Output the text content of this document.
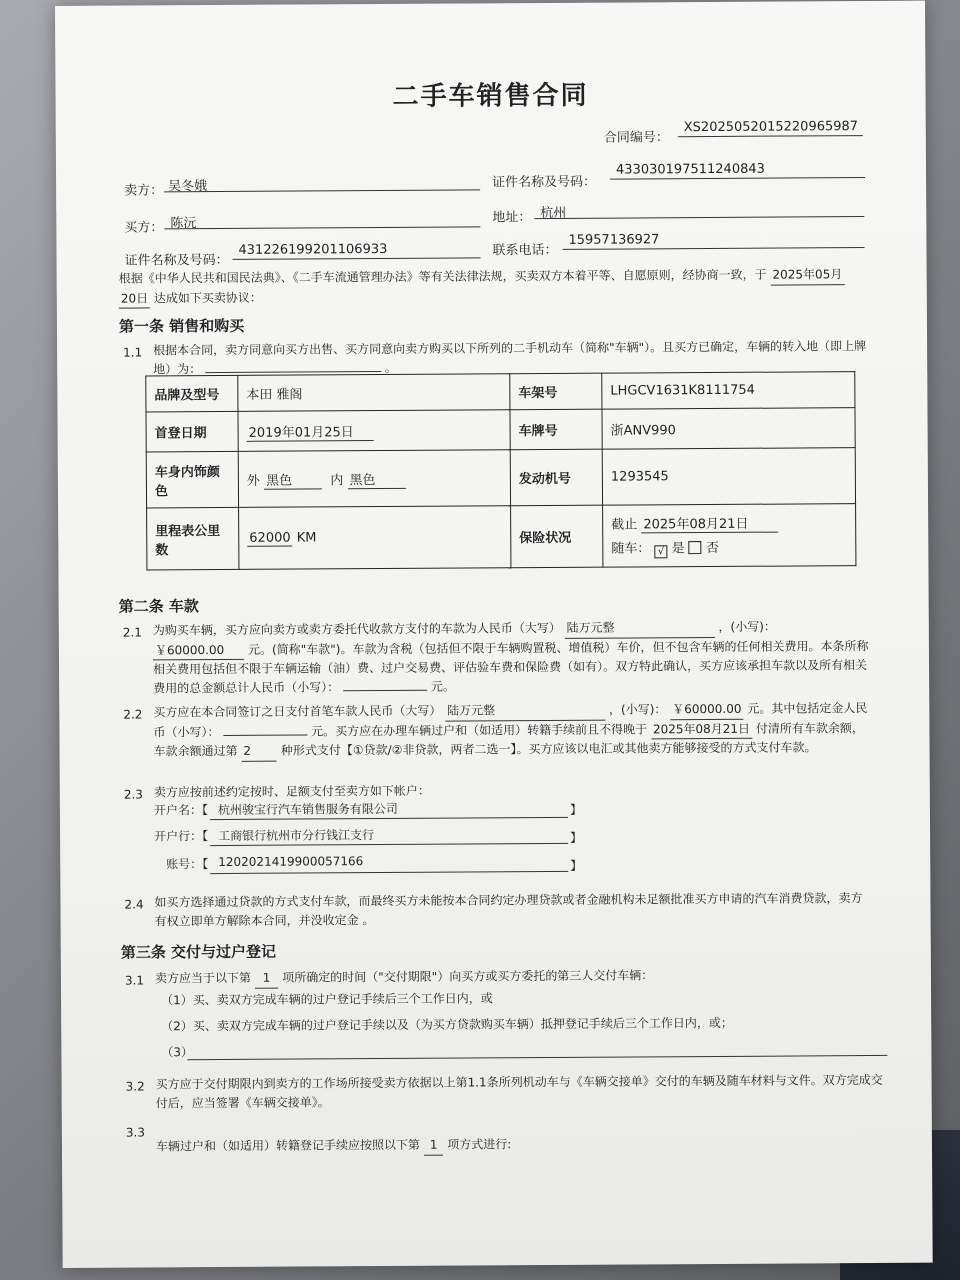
二手车销售合同
合同编号：
XS2025052015220965987
卖方： 吴冬娥	证件名称及号码：
433030197511240843
买方： 陈沅	地址： 杭州
证件名称及号码：
431226199201106933	联系电话：
15957136927
根据《中华人民共和国民法典》、《二手车流通管理办法》等有关法律法规，买卖双方本着平等、自愿原则，经协商一致，于 2025年05月 20日 达成如下买卖协议：
第一条 销售和购买
1.1 根据本合同，卖方同意向买方出售、买方同意向卖方购买以下所列的二手机动车（简称"车辆"）。且买方已确定，车辆的转入地（即上牌地）为：	。
品牌及型号	本田 雅阁	车架号	LHGCV1631K8111754
首登日期	2019年01月25日	车牌号	浙ANV990
车身内饰颜色	外 黑色 内 黑色	发动机号	1293545
里程表公里数	62000 KM	保险状况	截止 2025年08月21日
随车： √ 是 否
第二条 车款
2.1 为购买车辆，买方应向卖方或卖方委托代收款方支付的车款为人民币（大写） 陆万元整	，(小写)： ￥60000.00 元。(简称"车款")。车款为含税（包括但不限于车辆购置税、增值税）车价，但不包含车辆的任何相关费用。本条所称相关费用包括但不限于车辆运输（油）费、过户交易费、评估验车费和保险费（如有）。双方特此确认，买方应该承担车款以及所有相关费用的总金额总计人民币（小写）：	元。
2.2 买方应在本合同签订之日支付首笔车款人民币（大写） 陆万元整	，(小写)： ￥60000.00 元。其中包括定金人民币（小写）：	元。买方应在办理车辆过户和（如适用）转籍手续前且不得晚于 2025年08月21日 付清所有车款余额，车款余额通过第 2 种形式支付【①贷款/②非贷款，两者二选一】。买方应该以电汇或其他卖方能够接受的方式支付车款。
2.3 卖方应按前述约定按时、足额支付至卖方如下帐户：
开户名：【 杭州骏宝行汽车销售服务有限公司	】
开户行：【 工商银行杭州市分行钱江支行	】
账号：【 1202021419900057166	】
2.4 如买方选择通过贷款的方式支付车款，而最终买方未能按本合同约定办理贷款或者金融机构未足额批准买方申请的汽车消费贷款，卖方有权立即单方解除本合同，并没收定金 。
第三条 交付与过户登记
3.1 卖方应当于以下第 1 项所确定的时间（"交付期限"）向买方或买方委托的第三人交付车辆：
（1）买、卖双方完成车辆的过户登记手续后三个工作日内，或
（2）买、卖双方完成车辆的过户登记手续以及（为买方贷款购买车辆）抵押登记手续后三个工作日内，或；
（3）
3.2 买方应于交付期限内到卖方的工作场所接受卖方依据以上第1.1条所列机动车与《车辆交接单》交付的车辆及随车材料与文件。双方完成交付后，应当签署《车辆交接单》。
3.3
车辆过户和（如适用）转籍登记手续应按照以下第 1 项方式进行:
